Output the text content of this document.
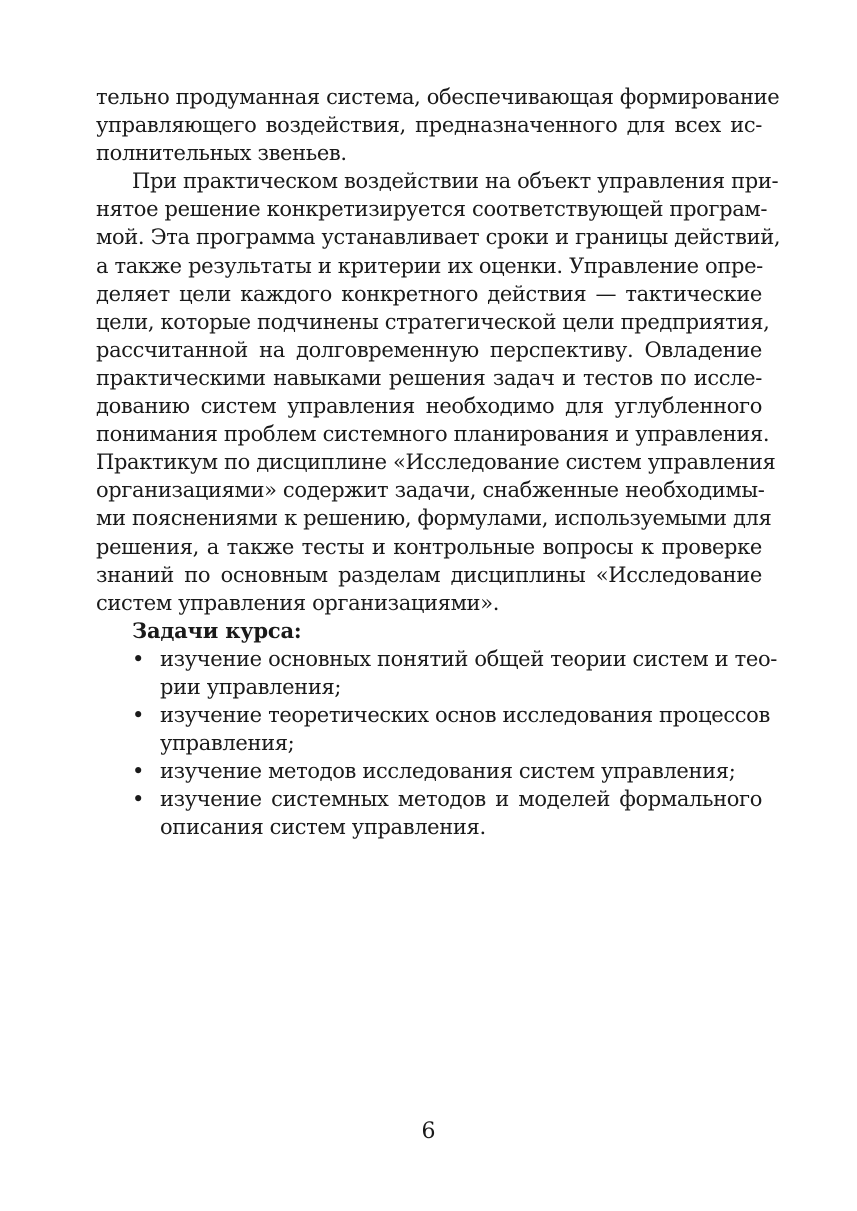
тельно продуманная система, обеспечивающая формирование
управляющего воздействия, предназначенного для всех ис-
полнительных звеньев.
При практическом воздействии на объект управления при-
нятое решение конкретизируется соответствующей програм-
мой. Эта программа устанавливает сроки и границы действий,
а также результаты и критерии их оценки. Управление опре-
деляет цели каждого конкретного действия — тактические
цели, которые подчинены стратегической цели предприятия,
рассчитанной на долговременную перспективу. Овладение
практическими навыками решения задач и тестов по иссле-
дованию систем управления необходимо для углубленного
понимания проблем системного планирования и управления.
Практикум по дисциплине «Исследование систем управления
организациями» содержит задачи, снабженные необходимы-
ми пояснениями к решению, формулами, используемыми для
решения, а также тесты и контрольные вопросы к проверке
знаний по основным разделам дисциплины «Исследование
систем управления организациями».
Задачи курса:
• изучение основных понятий общей теории систем и тео-
рии управления;
• изучение теоретических основ исследования процессов
управления;
• изучение методов исследования систем управления;
• изучение системных методов и моделей формального
описания систем управления.
6
